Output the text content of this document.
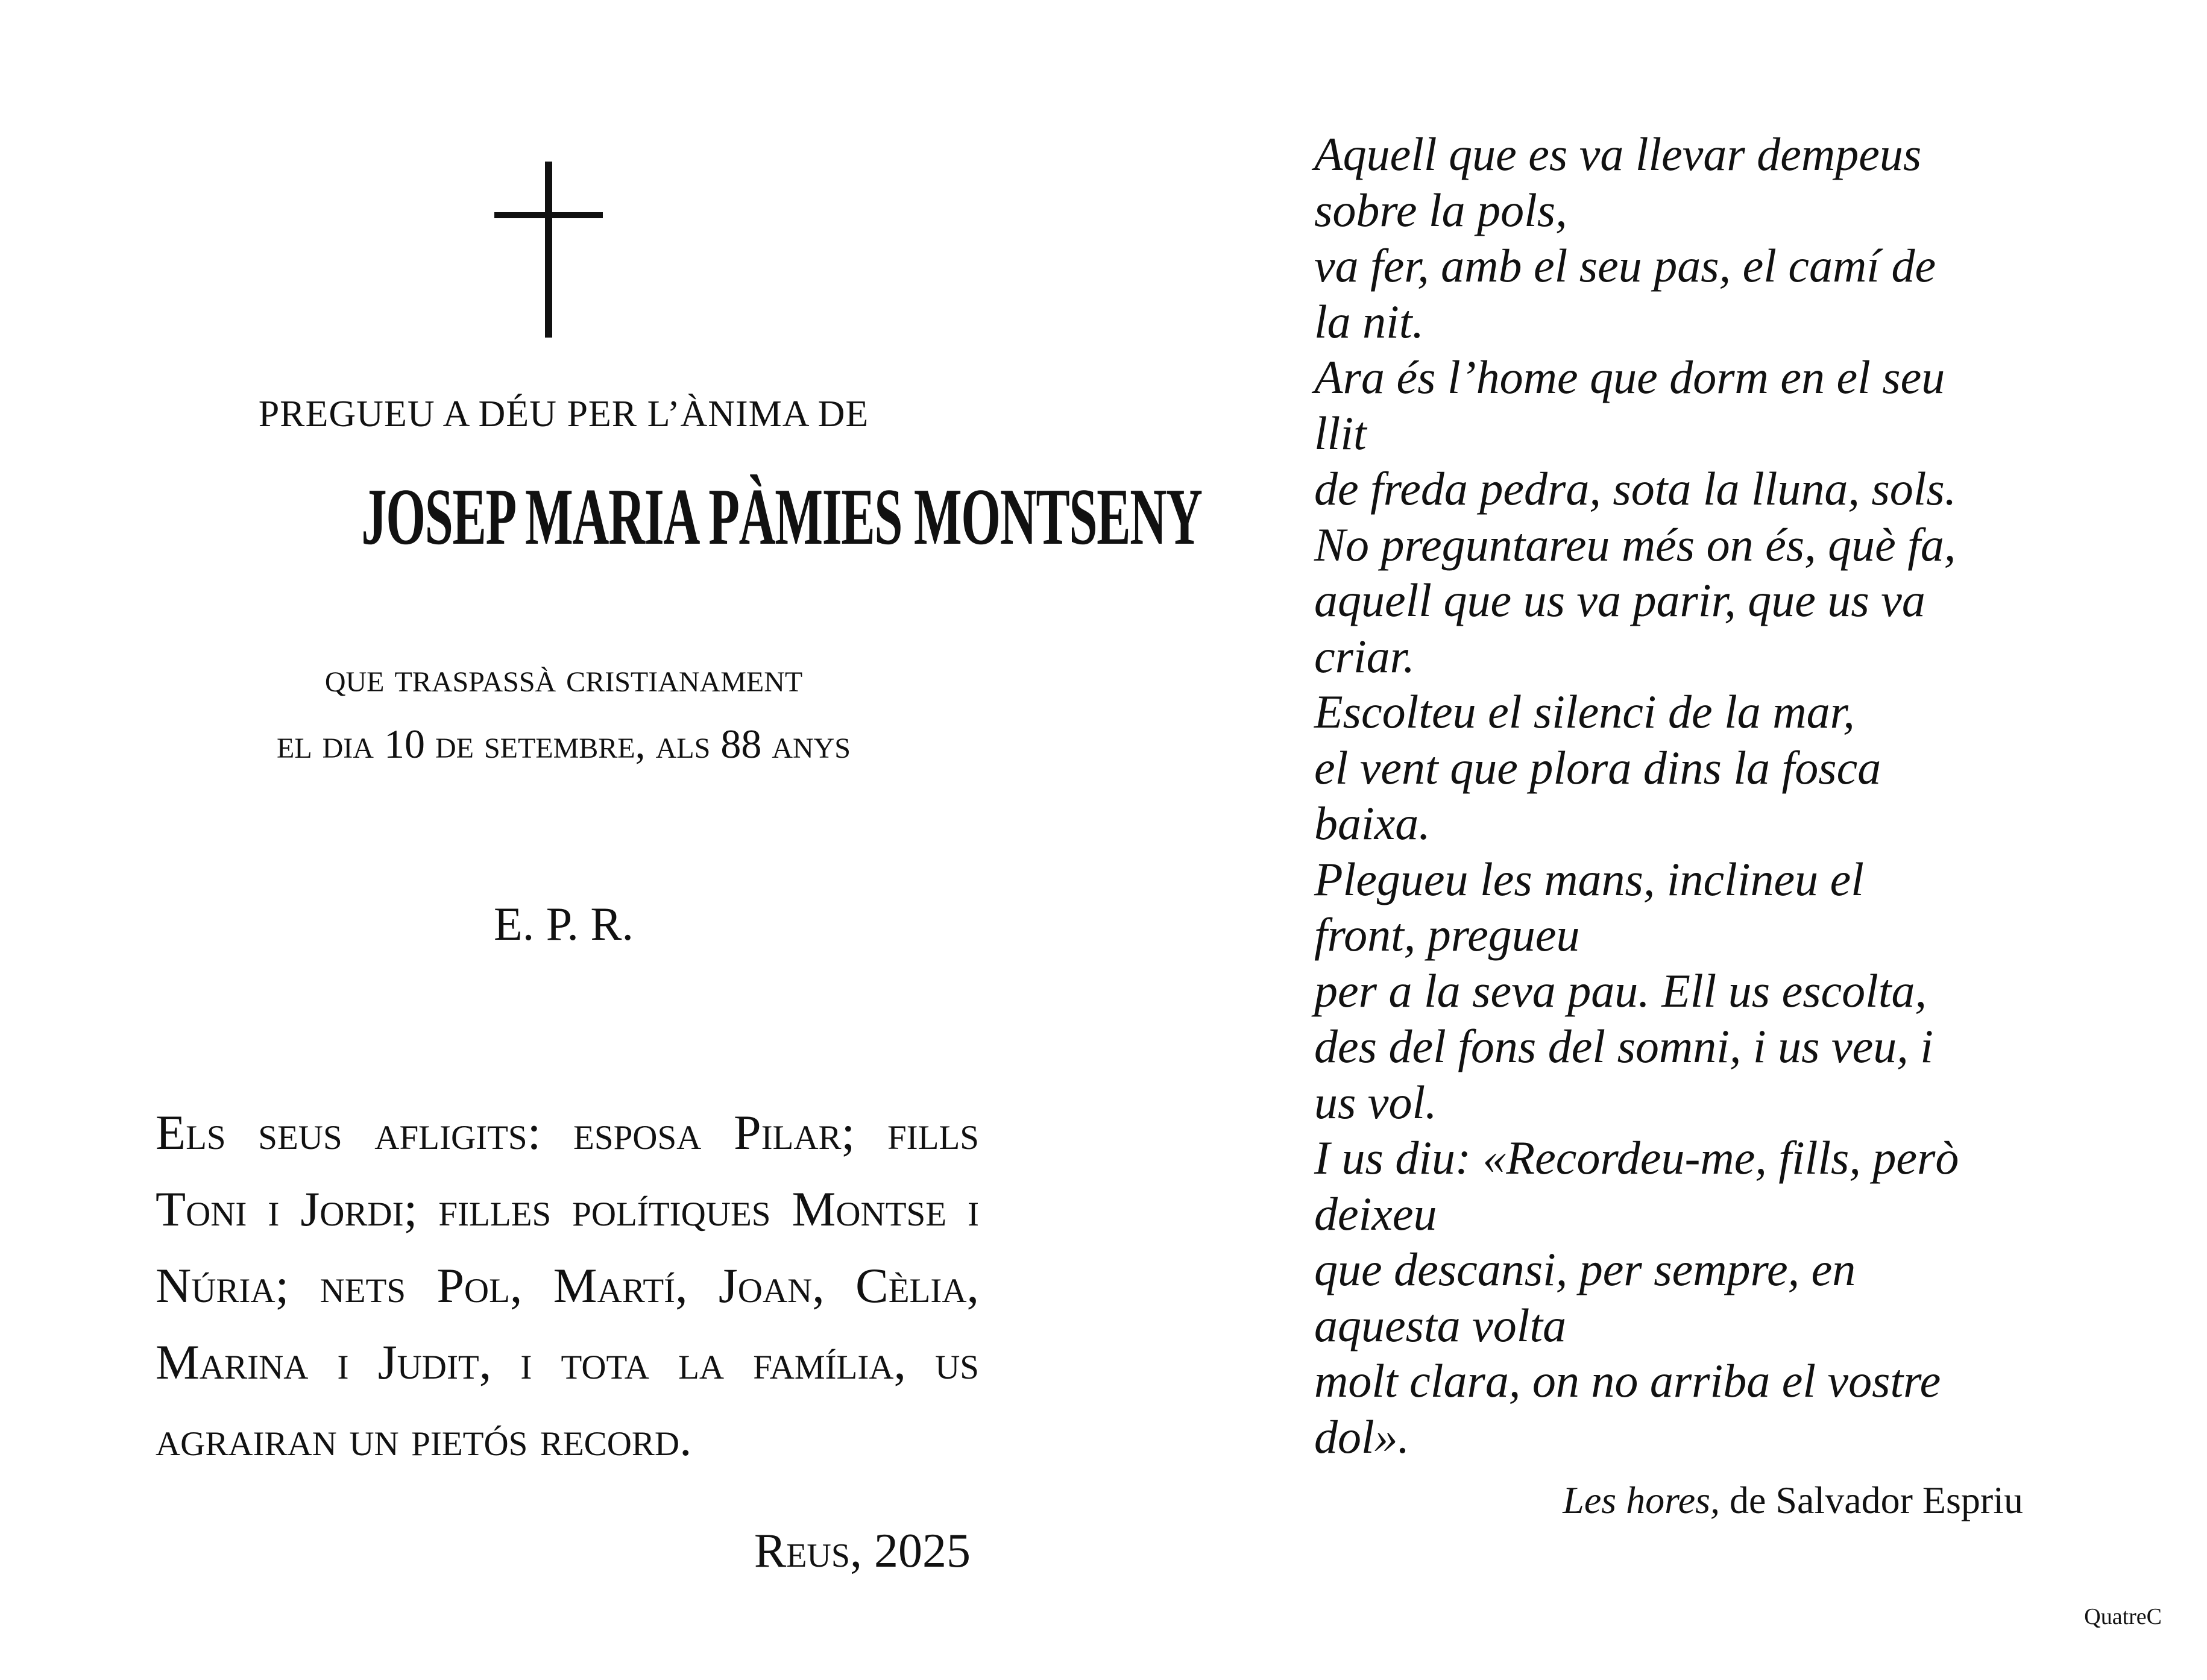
PREGUEU A DÉU PER L’ÀNIMA DE
JOSEP MARIA PÀMIES MONTSENY
que traspassà cristianament
el dia 10 de setembre, als 88 anys
E. P. R.
Els seus afligits: esposa Pilar; fills Toni i Jordi; filles polítiques Montse i Núria; nets Pol, Martí, Joan, Cèlia, Marina i Judit, i tota la família, us agrairan un pietós record.
Reus, 2025
Aquell que es va llevar dempeus
sobre la pols,
va fer, amb el seu pas, el camí de
la nit.
Ara és l’home que dorm en el seu
llit
de freda pedra, sota la lluna, sols.
No preguntareu més on és, què fa,
aquell que us va parir, que us va
criar.
Escolteu el silenci de la mar,
el vent que plora dins la fosca
baixa.
Plegueu les mans, inclineu el
front, pregueu
per a la seva pau. Ell us escolta,
des del fons del somni, i us veu, i
us vol.
I us diu: «Recordeu-me, fills, però
deixeu
que descansi, per sempre, en
aquesta volta
molt clara, on no arriba el vostre
dol».
Les hores, de Salvador Espriu
QuatreC
